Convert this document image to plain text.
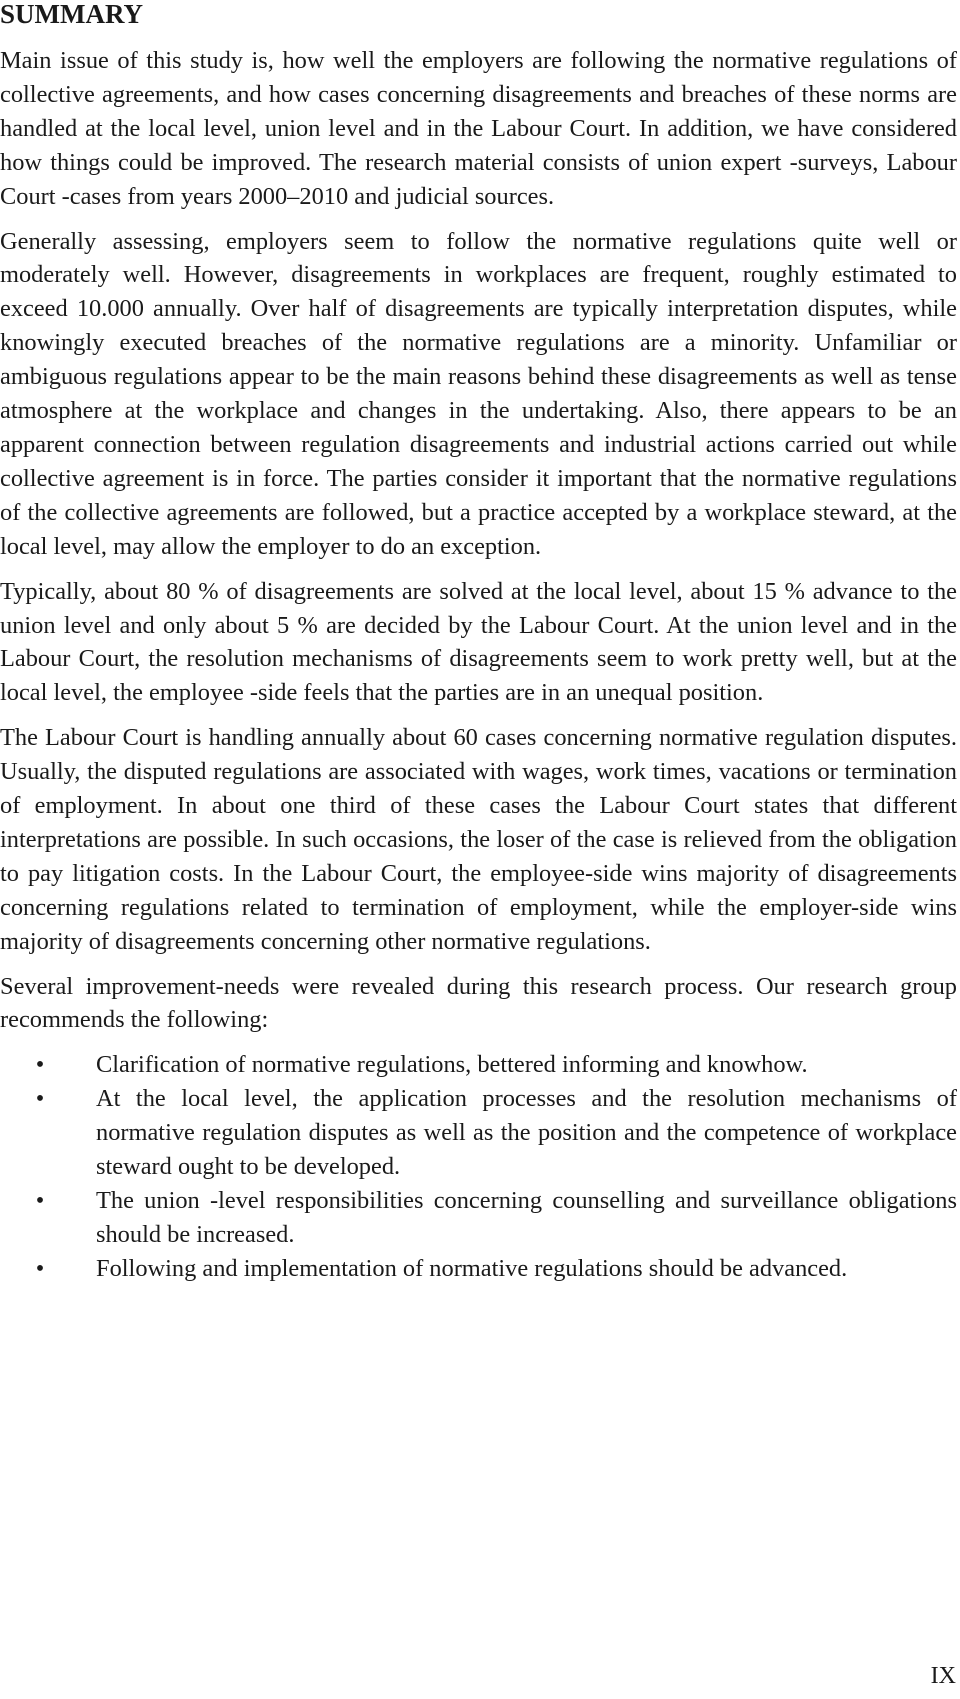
SUMMARY

Main issue of this study is, how well the employers are following the normative regulations of collective agreements, and how cases concerning disagreements and breaches of these norms are handled at the local level, union level and in the Labour Court. In addition, we have considered how things could be improved. The research material consists of union expert -surveys, Labour Court -cases from years 2000–2010 and judicial sources.

Generally assessing, employers seem to follow the normative regulations quite well or moderately well. However, disagreements in workplaces are frequent, roughly estimated to exceed 10.000 annually. Over half of disagreements are typically interpretation disputes, while knowingly executed breaches of the normative regulations are a minority. Unfamiliar or ambiguous regulations appear to be the main reasons behind these disagreements as well as tense atmosphere at the workplace and changes in the undertaking. Also, there appears to be an apparent connection between regulation disagreements and industrial actions carried out while collective agreement is in force. The parties consider it important that the normative regulations of the collective agreements are followed, but a practice accepted by a workplace steward, at the local level, may allow the employer to do an exception.

Typically, about 80 % of disagreements are solved at the local level, about 15 % advance to the union level and only about 5 % are decided by the Labour Court. At the union level and in the Labour Court, the resolution mechanisms of disagreements seem to work pretty well, but at the local level, the employee -side feels that the parties are in an unequal position.

The Labour Court is handling annually about 60 cases concerning normative regulation disputes. Usually, the disputed regulations are associated with wages, work times, vacations or termination of employment. In about one third of these cases the Labour Court states that different interpretations are possible. In such occasions, the loser of the case is relieved from the obligation to pay litigation costs. In the Labour Court, the employee-side wins majority of disagreements concerning regulations related to termination of employment, while the employer-side wins majority of disagreements concerning other normative regulations.

Several improvement-needs were revealed during this research process. Our research group recommends the following:

• Clarification of normative regulations, bettered informing and knowhow.
• At the local level, the application processes and the resolution mechanisms of normative regulation disputes as well as the position and the competence of workplace steward ought to be developed.
• The union -level responsibilities concerning counselling and surveillance obligations should be increased.
• Following and implementation of normative regulations should be advanced.
IX
